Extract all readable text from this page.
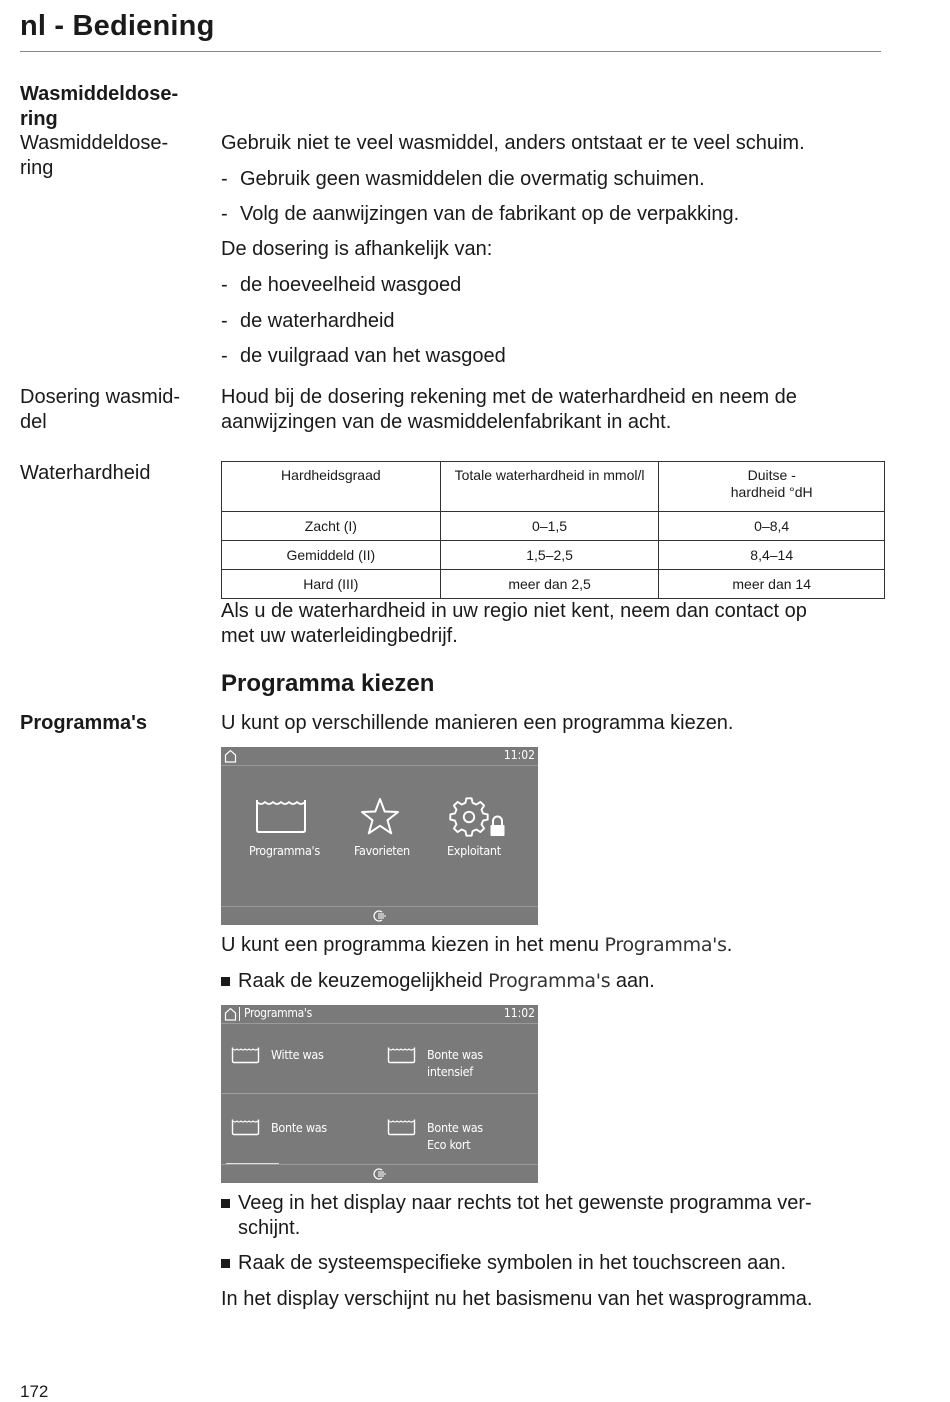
nl - Bediening
Wasmiddeldose-
ring
Wasmiddeldose-
ring
Dosering wasmid-
del
Waterhardheid
Programma's
Gebruik niet te veel wasmiddel, anders ontstaat er te veel schuim.
- Gebruik geen wasmiddelen die overmatig schuimen.
- Volg de aanwijzingen van de fabrikant op de verpakking.
De dosering is afhankelijk van:
- de hoeveelheid wasgoed
- de waterhardheid
- de vuilgraad van het wasgoed
Houd bij de dosering rekening met de waterhardheid en neem de
aanwijzingen van de wasmiddelenfabrikant in acht.
Hardheidsgraad	Totale waterhardheid in mmol/l	Duitse -
hardheid °dH

Zacht (I)	0–1,5	0–8,4
Gemiddeld (II)	1,5–2,5	8,4–14
Hard (III)	meer dan 2,5	meer dan 14
Als u de waterhardheid in uw regio niet kent, neem dan contact op
met uw waterleidingbedrijf.
Programma kiezen
U kunt op verschillende manieren een programma kiezen.
11:02
Programma's	Favorieten	Exploitant
U kunt een programma kiezen in het menu Programma's.
Raak de keuzemogelijkheid Programma's aan.
Programma's	11:02
Witte was	Bonte was
intensief
Bonte was	Bonte was
Eco kort
Veeg in het display naar rechts tot het gewenste programma ver-
schijnt.
Raak de systeemspecifieke symbolen in het touchscreen aan.
In het display verschijnt nu het basismenu van het wasprogramma.
172
